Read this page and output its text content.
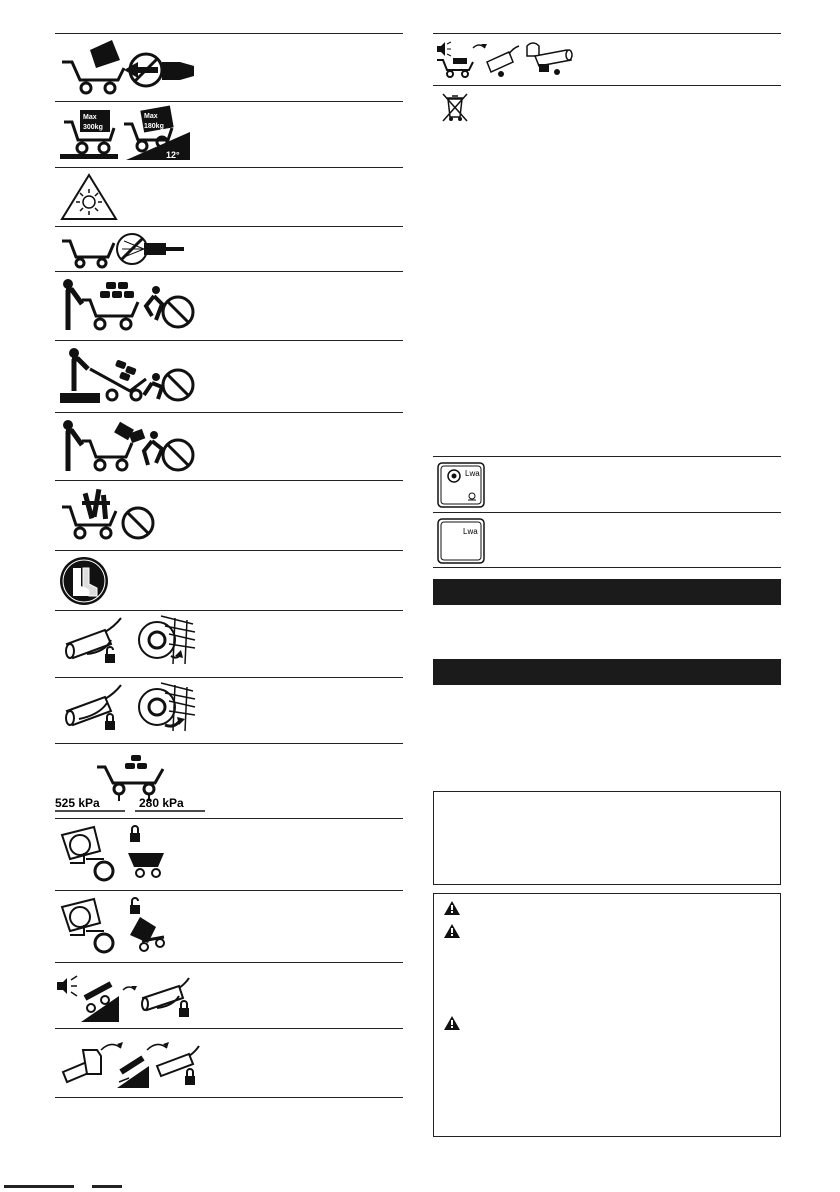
Max
300kg
Max
180kg
12°
525 kPa	280 kPa
Lwa
Lwa
